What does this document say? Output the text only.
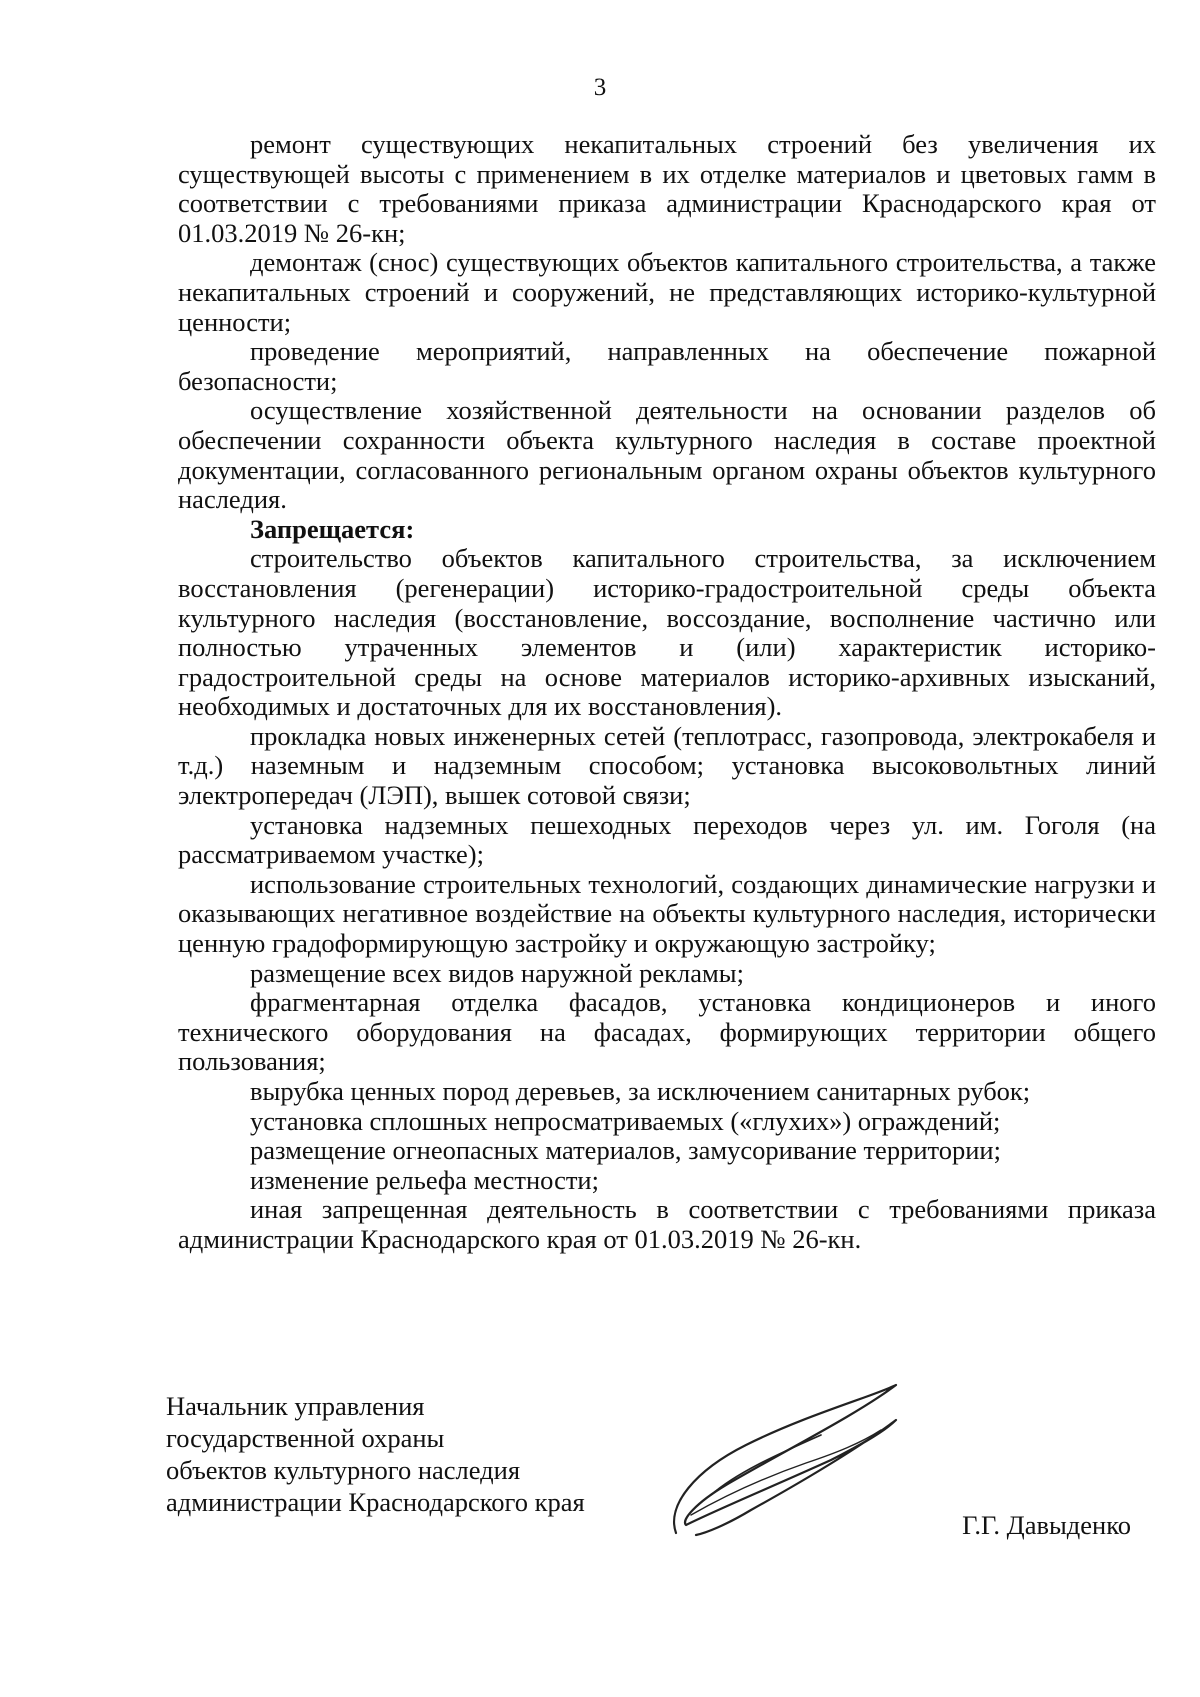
3

ремонт существующих некапитальных строений без увеличения их существующей высоты с применением в их отделке материалов и цветовых гамм в соответствии с требованиями приказа администрации Краснодарского края от 01.03.2019 № 26-кн;

демонтаж (снос) существующих объектов капитального строительства, а также некапитальных строений и сооружений, не представляющих историко-культурной ценности;

проведение мероприятий, направленных на обеспечение пожарной безопасности;

осуществление хозяйственной деятельности на основании разделов об обеспечении сохранности объекта культурного наследия в составе проектной документации, согласованного региональным органом охраны объектов культурного наследия.

Запрещается:

строительство объектов капитального строительства, за исключением восстановления (регенерации) историко-градостроительной среды объекта культурного наследия (восстановление, воссоздание, восполнение частично или полностью утраченных элементов и (или) характеристик историко-градостроительной среды на основе материалов историко-архивных изысканий, необходимых и достаточных для их восстановления).

прокладка новых инженерных сетей (теплотрасс, газопровода, электрокабеля и т.д.) наземным и надземным способом; установка высоковольтных линий электропередач (ЛЭП), вышек сотовой связи;

установка надземных пешеходных переходов через ул. им. Гоголя (на рассматриваемом участке);

использование строительных технологий, создающих динамические нагрузки и оказывающих негативное воздействие на объекты культурного наследия, исторически ценную градоформирующую застройку и окружающую застройку;

размещение всех видов наружной рекламы;

фрагментарная отделка фасадов, установка кондиционеров и иного технического оборудования на фасадах, формирующих территории общего пользования;

вырубка ценных пород деревьев, за исключением санитарных рубок;

установка сплошных непросматриваемых («глухих») ограждений;

размещение огнеопасных материалов, замусоривание территории;

изменение рельефа местности;

иная запрещенная деятельность в соответствии с требованиями приказа администрации Краснодарского края от 01.03.2019 № 26-кн.

Начальник управления
государственной охраны
объектов культурного наследия
администрации Краснодарского края
Г.Г. Давыденко
